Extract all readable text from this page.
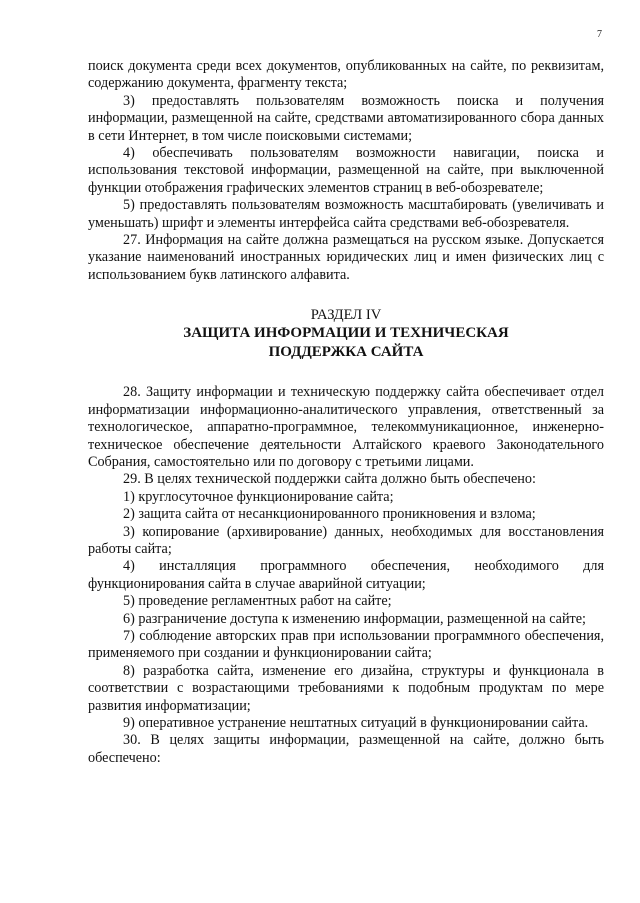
7

поиск документа среди всех документов, опубликованных на сайте, по реквизитам, содержанию документа, фрагменту текста;

3) предоставлять пользователям возможность поиска и получения информации, размещенной на сайте, средствами автоматизированного сбора данных в сети Интернет, в том числе поисковыми системами;

4) обеспечивать пользователям возможности навигации, поиска и использования текстовой информации, размещенной на сайте, при выключенной функции отображения графических элементов страниц в веб-обозревателе;

5) предоставлять пользователям возможность масштабировать (увеличивать и уменьшать) шрифт и элементы интерфейса сайта средствами веб-обозревателя.

27. Информация на сайте должна размещаться на русском языке. Допускается указание наименований иностранных юридических лиц и имен физических лиц с использованием букв латинского алфавита.

РАЗДЕЛ IV
ЗАЩИТА ИНФОРМАЦИИ И ТЕХНИЧЕСКАЯ
ПОДДЕРЖКА САЙТА

28. Защиту информации и техническую поддержку сайта обеспечивает отдел информатизации информационно-аналитического управления, ответственный за технологическое, аппаратно-программное, телекоммуникационное, инженерно-техническое обеспечение деятельности Алтайского краевого Законодательного Собрания, самостоятельно или по договору с третьими лицами.

29. В целях технической поддержки сайта должно быть обеспечено:

1) круглосуточное функционирование сайта;

2) защита сайта от несанкционированного проникновения и взлома;

3) копирование (архивирование) данных, необходимых для восстановления работы сайта;

4) инсталляция программного обеспечения, необходимого для функционирования сайта в случае аварийной ситуации;

5) проведение регламентных работ на сайте;

6) разграничение доступа к изменению информации, размещенной на сайте;

7) соблюдение авторских прав при использовании программного обеспечения, применяемого при создании и функционировании сайта;

8) разработка сайта, изменение его дизайна, структуры и функционала в соответствии с возрастающими требованиями к подобным продуктам по мере развития информатизации;

9) оперативное устранение нештатных ситуаций в функционировании сайта.

30. В целях защиты информации, размещенной на сайте, должно быть обеспечено:
